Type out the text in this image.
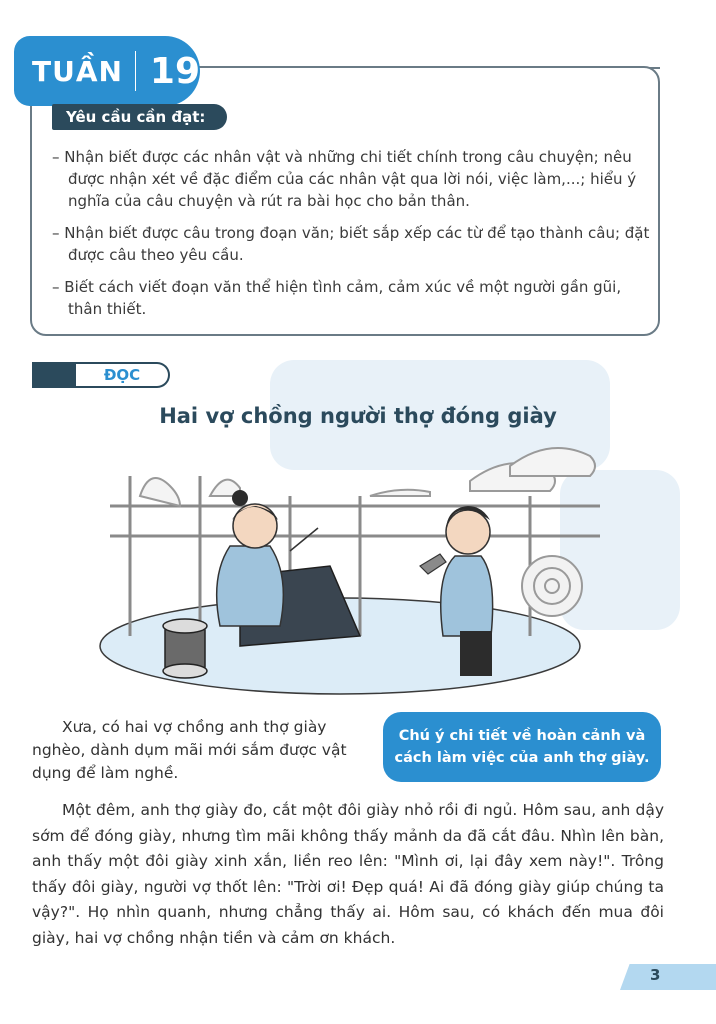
TUẦN 19
Yêu cầu cần đạt:
– Nhận biết được các nhân vật và những chi tiết chính trong câu chuyện; nêu được nhận xét về đặc điểm của các nhân vật qua lời nói, việc làm,...; hiểu ý nghĩa của câu chuyện và rút ra bài học cho bản thân.
– Nhận biết được câu trong đoạn văn; biết sắp xếp các từ để tạo thành câu; đặt được câu theo yêu cầu.
– Biết cách viết đoạn văn thể hiện tình cảm, cảm xúc về một người gần gũi, thân thiết.
ĐỌC
Hai vợ chồng người thợ đóng giày

Xưa, có hai vợ chồng anh thợ giày nghèo, dành dụm mãi mới sắm được vật dụng để làm nghề.

Chú ý chi tiết về hoàn cảnh và cách làm việc của anh thợ giày.

Một đêm, anh thợ giày đo, cắt một đôi giày nhỏ rồi đi ngủ. Hôm sau, anh dậy sớm để đóng giày, nhưng tìm mãi không thấy mảnh da đã cắt đâu. Nhìn lên bàn, anh thấy một đôi giày xinh xắn, liền reo lên: "Mình ơi, lại đây xem này!". Trông thấy đôi giày, người vợ thốt lên: "Trời ơi! Đẹp quá! Ai đã đóng giày giúp chúng ta vậy?". Họ nhìn quanh, nhưng chẳng thấy ai. Hôm sau, có khách đến mua đôi giày, hai vợ chồng nhận tiền và cảm ơn khách.

3
